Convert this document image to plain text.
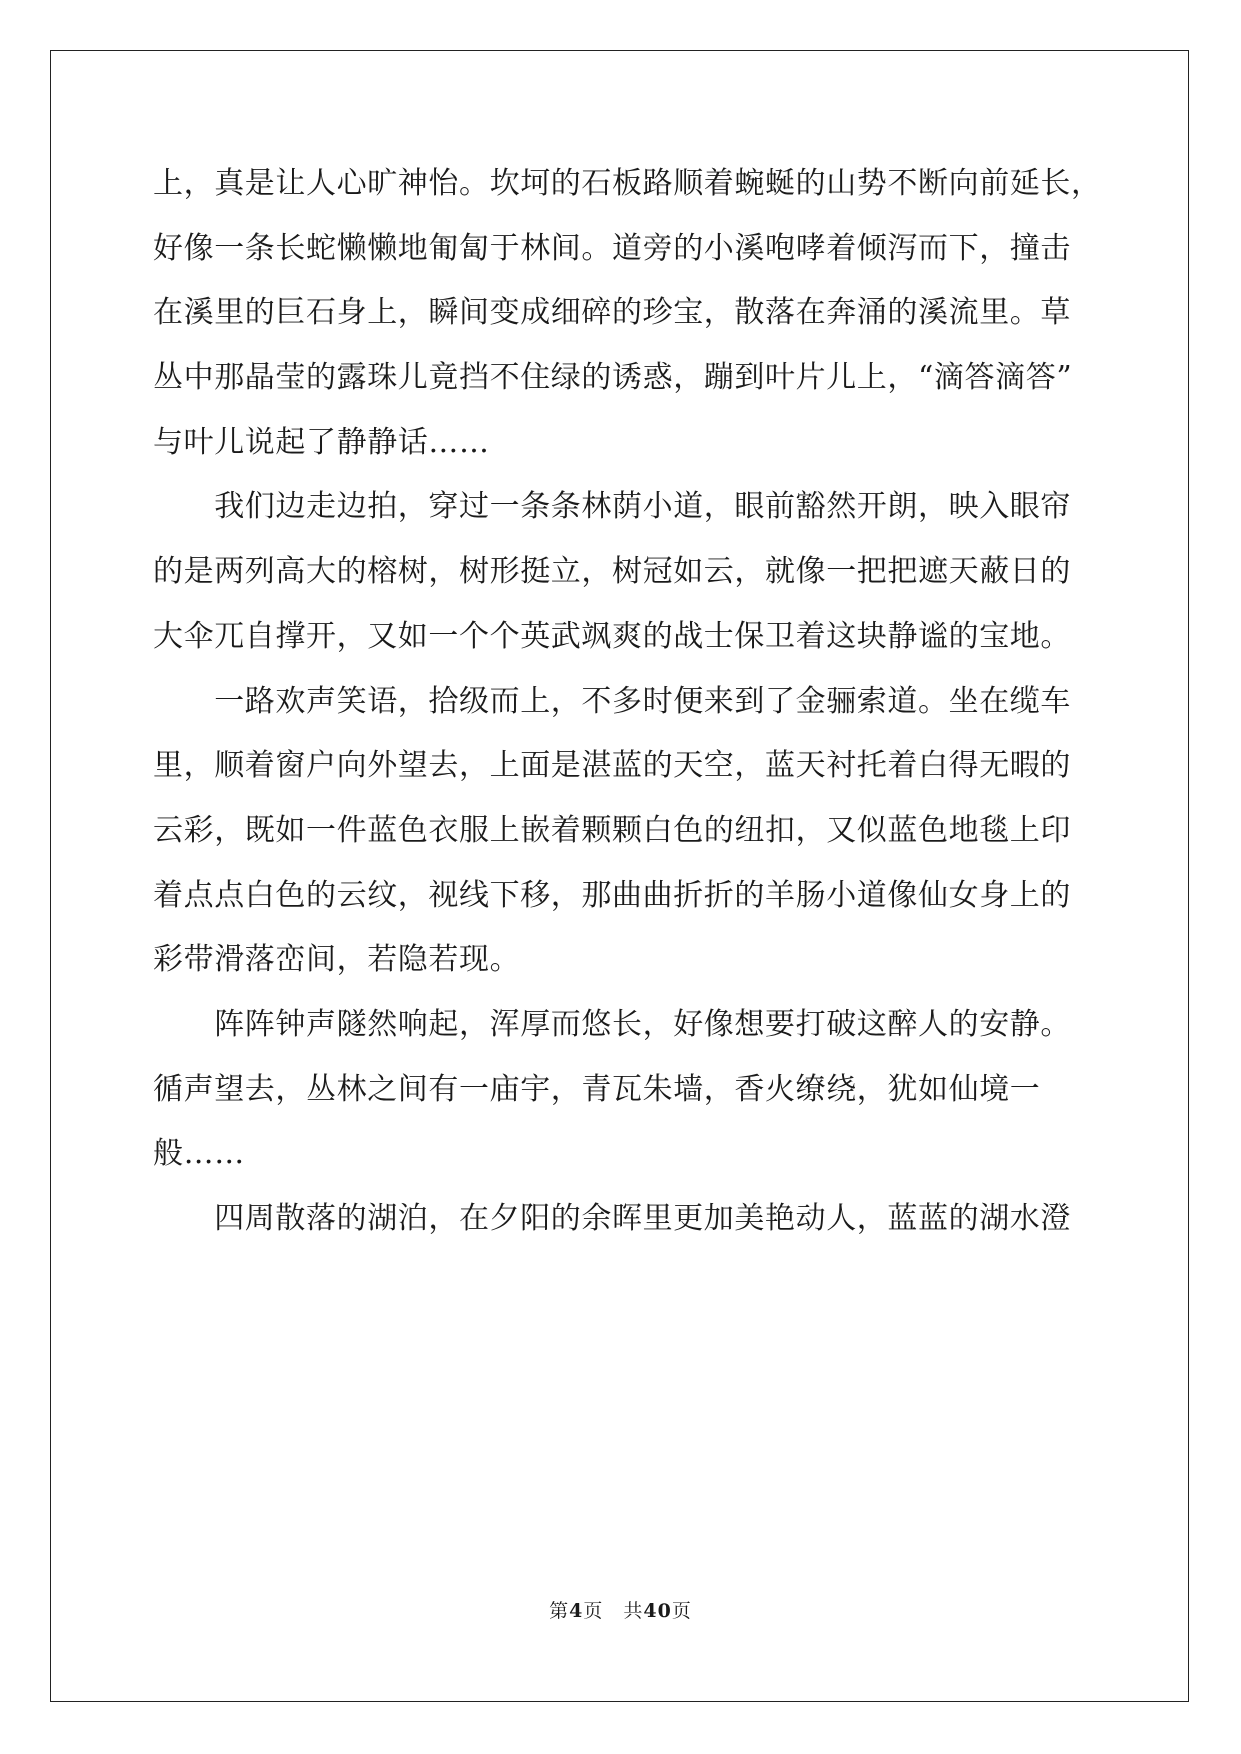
上，真是让人心旷神怡。坎坷的石板路顺着蜿蜒的山势不断向前延长，
好像一条长蛇懒懒地匍匐于林间。道旁的小溪咆哮着倾泻而下，撞击
在溪里的巨石身上，瞬间变成细碎的珍宝，散落在奔涌的溪流里。草
丛中那晶莹的露珠儿竟挡不住绿的诱惑，蹦到叶片儿上，“滴答滴答”
与叶儿说起了静静话……
　　我们边走边拍，穿过一条条林荫小道，眼前豁然开朗，映入眼帘
的是两列高大的榕树，树形挺立，树冠如云，就像一把把遮天蔽日的
大伞兀自撑开，又如一个个英武飒爽的战士保卫着这块静谧的宝地。
　　一路欢声笑语，拾级而上，不多时便来到了金骊索道。坐在缆车
里，顺着窗户向外望去，上面是湛蓝的天空，蓝天衬托着白得无暇的
云彩，既如一件蓝色衣服上嵌着颗颗白色的纽扣，又似蓝色地毯上印
着点点白色的云纹，视线下移，那曲曲折折的羊肠小道像仙女身上的
彩带滑落峦间，若隐若现。
　　阵阵钟声隧然响起，浑厚而悠长，好像想要打破这醉人的安静。
循声望去，丛林之间有一庙宇，青瓦朱墙，香火缭绕，犹如仙境一
般……
　　四周散落的湖泊，在夕阳的余晖里更加美艳动人，蓝蓝的湖水澄
第4页 共40页
